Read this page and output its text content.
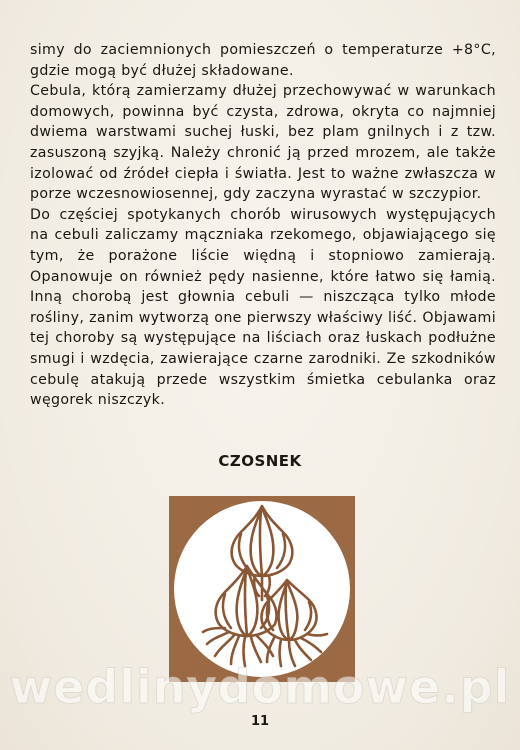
simy do zaciemnionych pomieszczeń o temperaturze +8°C, gdzie mogą być dłużej składowane.

Cebula, którą zamierzamy dłużej przechowywać w warunkach domowych, powinna być czysta, zdrowa, okryta co najmniej dwiema warstwami suchej łuski, bez plam gnilnych i z tzw. zasuszoną szyjką. Należy chronić ją przed mrozem, ale także izolować od źródeł ciepła i światła. Jest to ważne zwłaszcza w porze wczesnowiosennej, gdy zaczyna wyrastać w szczypior.

Do częściej spotykanych chorób wirusowych występujących na cebuli zaliczamy mączniaka rzekomego, objawiającego się tym, że porażone liście więdną i stopniowo zamierają. Opanowuje on również pędy nasienne, które łatwo się łamią. Inną chorobą jest głownia cebuli — niszcząca tylko młode rośliny, zanim wytworzą one pierwszy właściwy liść. Objawami tej choroby są występujące na liściach oraz łuskach podłużne smugi i wzdęcia, zawierające czarne zarodniki. Ze szkodników cebulę atakują przede wszystkim śmietka cebulanka oraz węgorek niszczyk.

CZOSNEK
wedlinydomowe.pl
11
